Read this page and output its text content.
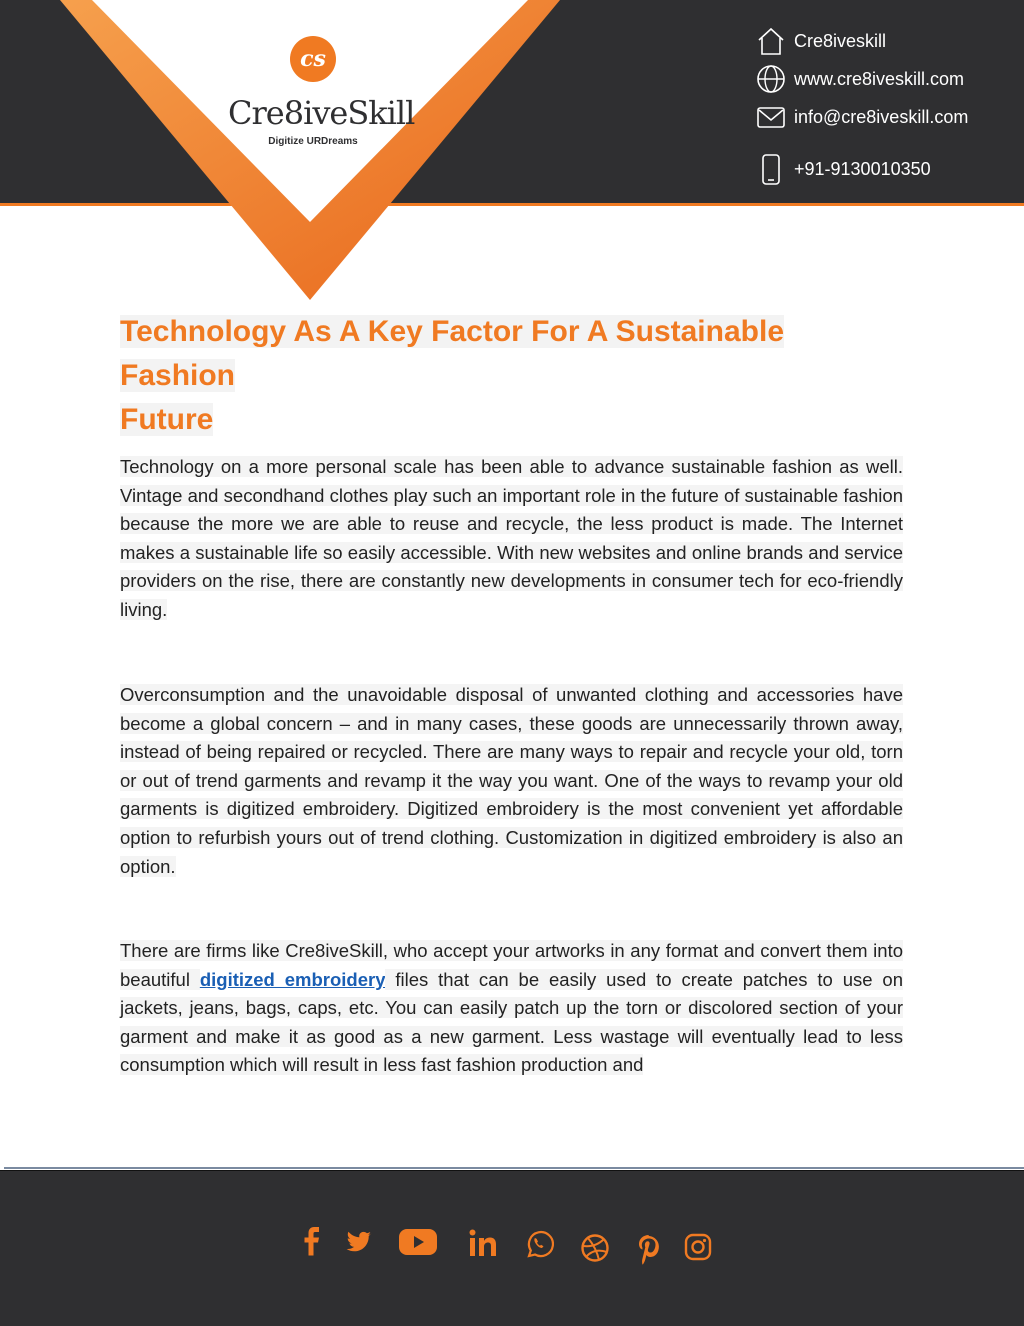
cs
Cre8iveSkill
Digitize URDreams
Cre8iveskill
www.cre8iveskill.com
info@cre8iveskill.com
+91-9130010350
Technology As A Key Factor For A Sustainable Fashion
Future
Technology on a more personal scale has been able to advance sustainable fashion as well. Vintage and secondhand clothes play such an important role in the future of sustainable fashion because the more we are able to reuse and recycle, the less product is made. The Internet makes a sustainable life so easily accessible. With new websites and online brands and service providers on the rise, there are constantly new developments in consumer tech for eco-friendly living.
Overconsumption and the unavoidable disposal of unwanted clothing and accessories have become a global concern – and in many cases, these goods are unnecessarily thrown away, instead of being repaired or recycled. There are many ways to repair and recycle your old, torn or out of trend garments and revamp it the way you want. One of the ways to revamp your old garments is digitized embroidery. Digitized embroidery is the most convenient yet affordable option to refurbish yours out of trend clothing. Customization in digitized embroidery is also an option.
There are firms like Cre8iveSkill, who accept your artworks in any format and convert them into beautiful digitized embroidery files that can be easily used to create patches to use on jackets, jeans, bags, caps, etc. You can easily patch up the torn or discolored section of your garment and make it as good as a new garment. Less wastage will eventually lead to less consumption which will result in less fast fashion production and
